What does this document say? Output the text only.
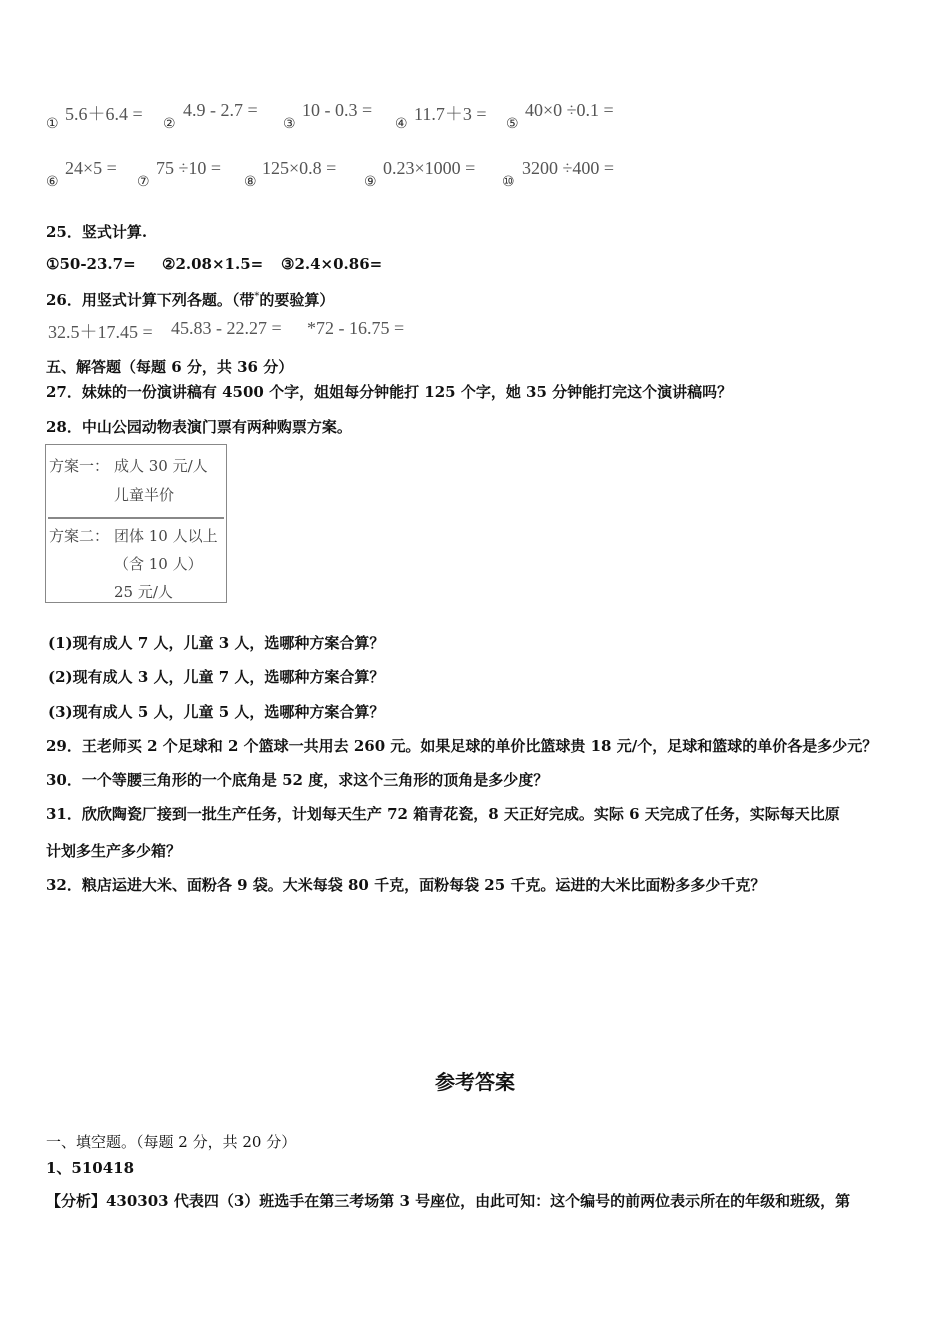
① 5.6＋6.4 = ②
4.9 - 2.7 =
③
10 - 0.3 =
④ 11.7＋3 = ⑤
40×0 ÷0.1 =
⑥
24×5 =
⑦
75 ÷10 =
⑧
125×0.8 =
⑨
0.23×1000 =
⑩
3200 ÷400 =
25．竖式计算.
①50-23.7= ②2.08×1.5= ③2.4×0.86=
26．用竖式计算下列各题。（带*的要验算）
32.5＋17.45 = 45.83 - 22.27 = *72 - 16.75 =
五、解答题（每题 6 分，共 36 分）
27．妹妹的一份演讲稿有 4500 个字，姐姐每分钟能打 125 个字，她 35 分钟能打完这个演讲稿吗？
28．中山公园动物表演门票有两种购票方案。
方案一： 成人 30 元/人
儿童半价
方案二： 团体 10 人以上
（含 10 人）
25 元/人
(1)现有成人 7 人，儿童 3 人，选哪种方案合算？
(2)现有成人 3 人，儿童 7 人，选哪种方案合算？
(3)现有成人 5 人，儿童 5 人，选哪种方案合算？
29．王老师买 2 个足球和 2 个篮球一共用去 260 元。如果足球的单价比篮球贵 18 元/个，足球和篮球的单价各是多少元？
30．一个等腰三角形的一个底角是 52 度，求这个三角形的顶角是多少度？
31．欣欣陶瓷厂接到一批生产任务，计划每天生产 72 箱青花瓷，8 天正好完成。实际 6 天完成了任务，实际每天比原
计划多生产多少箱？
32．粮店运进大米、面粉各 9 袋。大米每袋 80 千克，面粉每袋 25 千克。运进的大米比面粉多多少千克？
参考答案
一、填空题。（每题 2 分，共 20 分）
1、510418
【分析】430303 代表四（3）班选手在第三考场第 3 号座位，由此可知：这个编号的前两位表示所在的年级和班级，第
